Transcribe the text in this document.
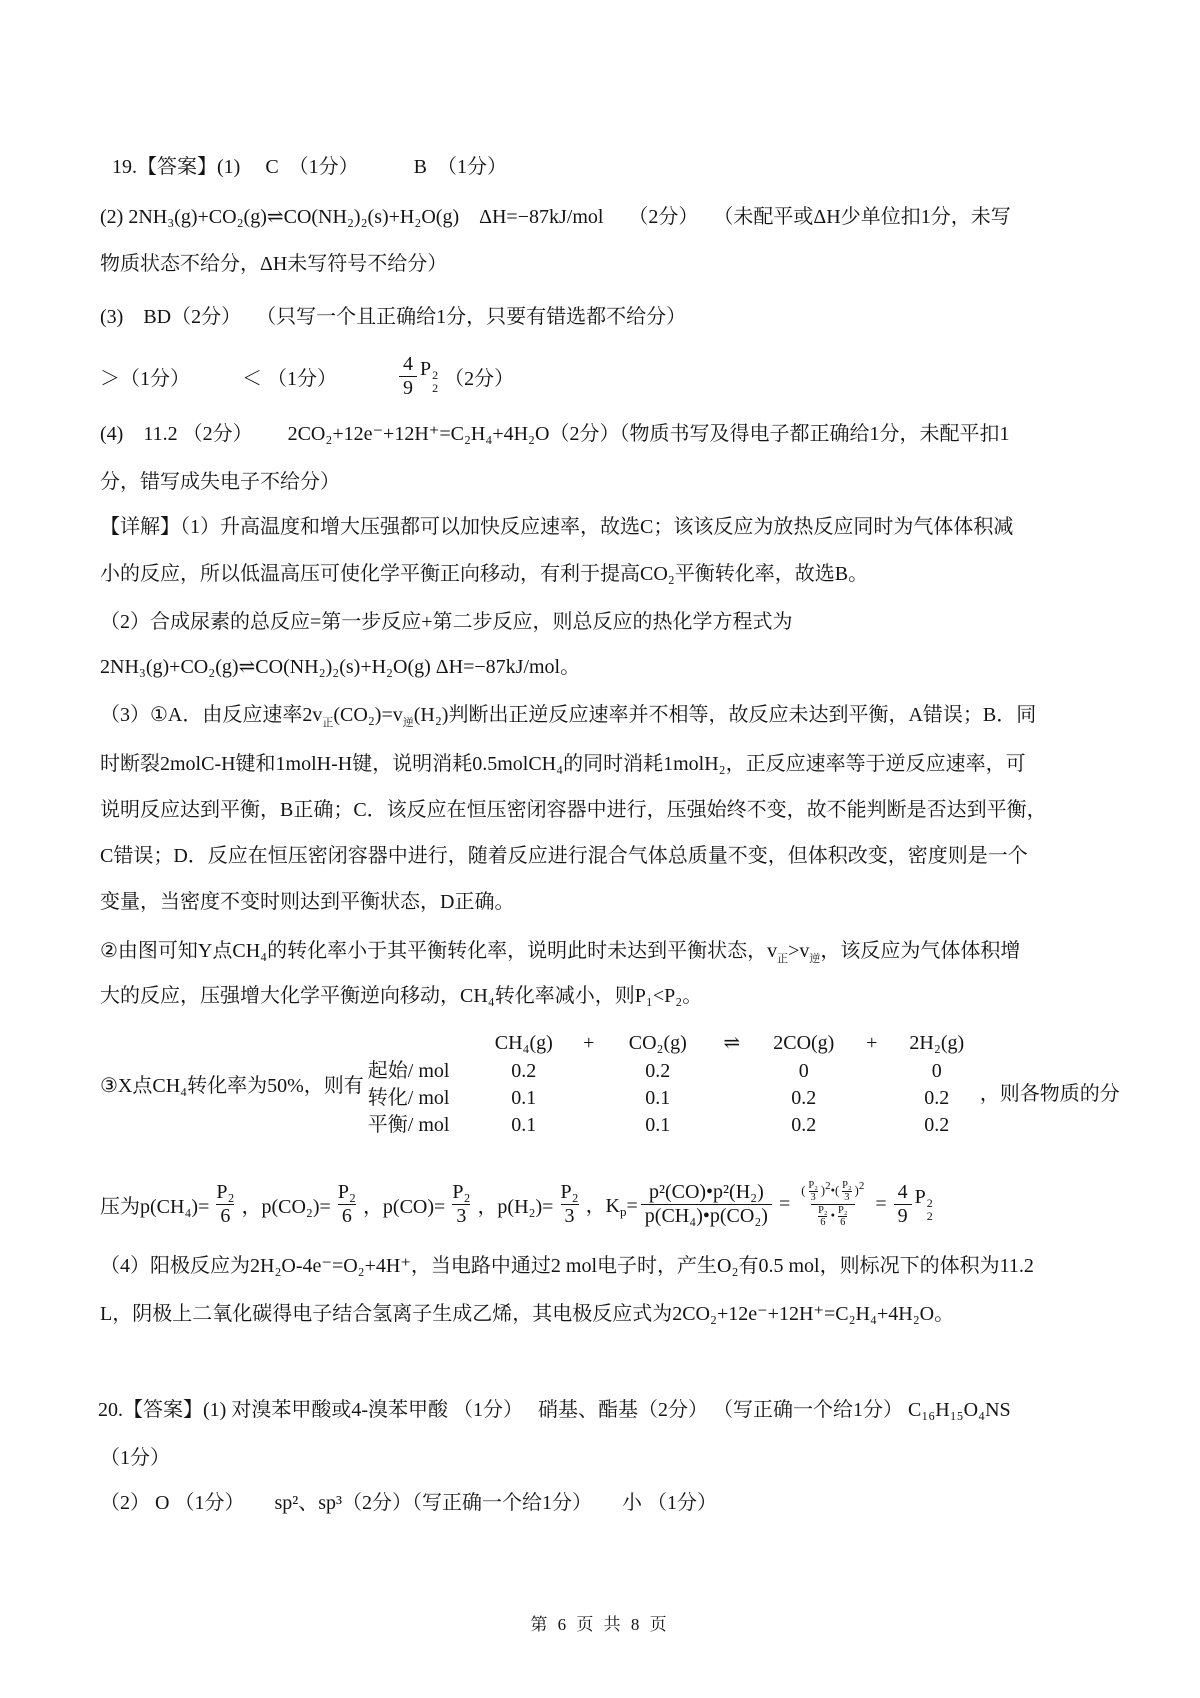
19.【答案】(1)　 C　（1分）　　　 B　（1分）
(2) 2NH₃(g)+CO₂(g)⇌CO(NH₂)₂(s)+H₂O(g)　ΔH=−87kJ/mol　 （2分）　 （未配平或ΔH少单位扣1分，未写
物质状态不给分，ΔH未写符号不给分）
(3)　BD（2分）　 （只写一个且正确给1分，只要有错选都不给分）
＞（1分）	＜ （1分）	$\frac{4}{9}$ P 2
2 （2分）
(4)　11.2 （2分）　　 2CO₂+12e⁻+12H⁺=C₂H₄+4H₂O（2分）（物质书写及得电子都正确给1分，未配平扣1
分，错写成失电子不给分）
【详解】（1）升高温度和增大压强都可以加快反应速率，故选C；该该反应为放热反应同时为气体体积减
小的反应，所以低温高压可使化学平衡正向移动，有利于提高CO₂平衡转化率，故选B。
（2）合成尿素的总反应=第一步反应+第二步反应，则总反应的热化学方程式为
2NH₃(g)+CO₂(g)⇌CO(NH₂)₂(s)+H₂O(g) ΔH=−87kJ/mol。
（3）①A．由反应速率$2v_正(CO_2)=v_逆(H_2)$判断出正逆反应速率并不相等，故反应未达到平衡，A错误；B．同
时断裂2molC-H键和1molH-H键，说明消耗0.5molCH₄的同时消耗1molH₂，正反应速率等于逆反应速率，可
说明反应达到平衡，B正确；C．该反应在恒压密闭容器中进行，压强始终不变，故不能判断是否达到平衡，
C错误；D．反应在恒压密闭容器中进行，随着反应进行混合气体总质量不变，但体积改变，密度则是一个
变量，当密度不变时则达到平衡状态，D正确。
②由图可知Y点CH₄的转化率小于其平衡转化率，说明此时未达到平衡状态，$v_正>v_逆$，该反应为气体体积增
大的反应，压强增大化学平衡逆向移动，CH₄转化率减小，则P₁<P₂。
③X点CH₄转化率为50%，则有
CH₄(g)	+	CO₂(g)	⇌	2CO(g)	+	2H₂(g)
起始/ mol	0.2	0.2	0	0
转化/ mol	0.1	0.1	0.2	0.2
平衡/ mol	0.1	0.1	0.2	0.2
，则各物质的分
压为$p(CH_4)= \frac{\text{P₂}}{6}$ ，$p(CO_2)= \frac{\text{P₂}}{6}$ ，$p(CO)= \frac{\text{P₂}}{3}$ ，$p(H_2)= \frac{\text{P₂}}{3}$ ，$K_p= \frac{\text{p²(CO)•p²(H₂)}}{\text{p(CH₄)•p(CO₂)}} = \frac{( \frac{\text{P₂}}{3} )^2•( \frac{\text{P₂}}{3} )^2}{\frac{\text{P₂}}{6} • \frac{\text{P₂}}{6}} = \frac{4}{9}$ P 2
2
（4）阳极反应为2H₂O-4e⁻=O₂+4H⁺，当电路中通过2 mol电子时，产生O₂有0.5 mol，则标况下的体积为11.2
L，阴极上二氧化碳得电子结合氢离子生成乙烯，其电极反应式为2CO₂+12e⁻+12H⁺=C₂H₄+4H₂O。
20.【答案】(1) 对溴苯甲酸或4-溴苯甲酸 （1分）　 硝基、酯基（2分） （写正确一个给1分） C₁₆H₁₅O₄NS
（1分）
（2） O （1分）　　sp²、sp³（2分）（写正确一个给1分）　　小 （1分）
第 6 页 共 8 页
